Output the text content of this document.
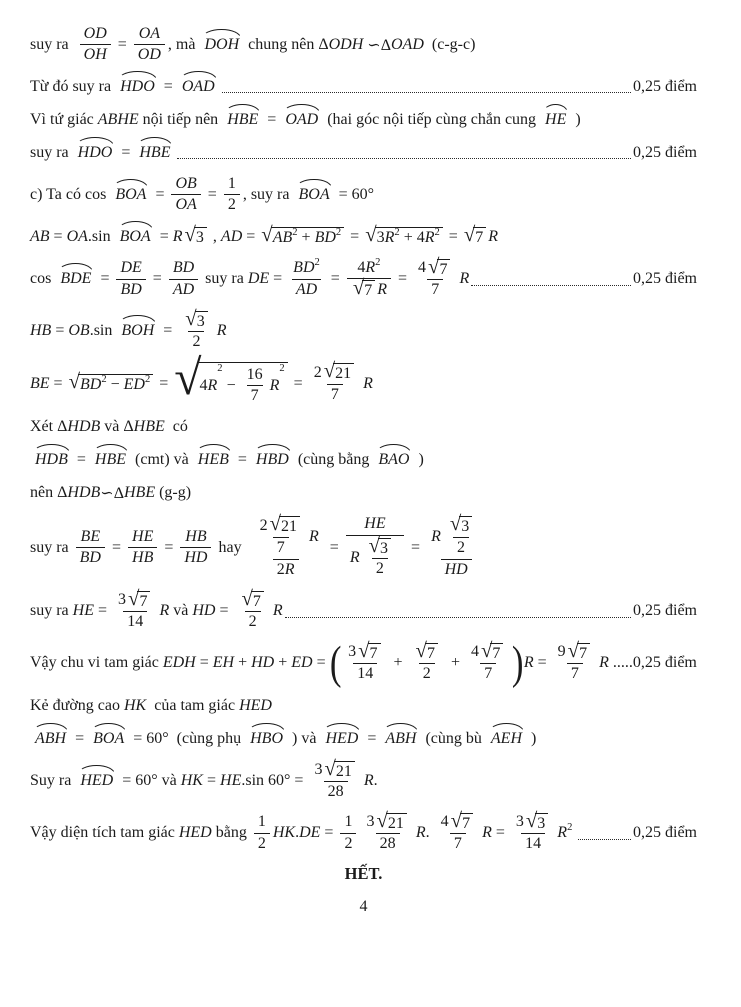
suy ra $\frac{OD}{OH} = \frac{OA}{OD}$ , mà DOH chung nên Δ ODH ∽Δ OAD (c-g-c)
Từ đó suy ra HDO = OAD	0,25 điểm
Vì tứ giác ABHE nội tiếp nên HBE = OAD (hai góc nội tiếp cùng chắn cung HE )
suy ra HDO = HBE	0,25 điểm
c) Ta có cos BOA = $\frac{OB}{OA} = \frac{1}{2}$ , suy ra BOA = 60°
AB = OA .sin BOA = R √ 3 , AD = √ AB 2 + BD 2 = √ 3 R 2 + 4 R 2 = √ 7 R
cos BDE = $\frac{DE}{BD} = \frac{BD}{AD}$ suy ra DE = $\frac{BD 2}{AD} = \frac{4 R 2}{√ 7 R} = \frac{4 √ 7}{7}$ R	0,25 điểm
HB = OB .sin BOH = $\frac{√ 3}{2}$ R
BE = √ BD 2 − ED 2 = √
4 R
2
− $\frac{16}{7}$ R
2
= $\frac{2 √ 21}{7}$ R
Xét Δ HDB và Δ HBE có
HDB = HBE (cmt) và HEB = HBD (cùng bằng BAO )
nên Δ HDB ∽Δ HBE (g-g)
suy ra $\frac{BE}{BD} = \frac{HE}{HB} = \frac{HB}{HD}$ hay $\frac{\frac{2 √ 21}{7} R}{2 R} = \frac{HE}{R \frac{√ 3}{2}} = \frac{R \frac{√ 3}{2}}{HD}$
suy ra HE = $\frac{3 √ 7}{14}$ R và HD = $\frac{√ 7}{2}$ R	0,25 điểm
Vậy chu vi tam giác EDH = EH + HD + ED = ( $\frac{3 √ 7}{14} + \frac{√ 7}{2} + \frac{4 √ 7}{7}$ ) $R = \frac{9 √ 7}{7}$ R .....0,25 điểm
Kẻ đường cao HK của tam giác HED
ABH = BOA = 60°  (cùng phụ HBO ) và HED = ABH (cùng bù AEH )
Suy ra HED = 60° và HK = HE .sin $60^\circ = \frac{3 √ 21}{28}$ R .
Vậy diện tích tam giác HED bằng $\frac{1}{2}$ HK . DE = $\frac{1}{2} \frac{3 √ 21}{28}$ R . $\frac{4 √ 7}{7}$ $R = \frac{3 √ 3}{14}$ R 2
	0,25 điểm
HẾT.
4
